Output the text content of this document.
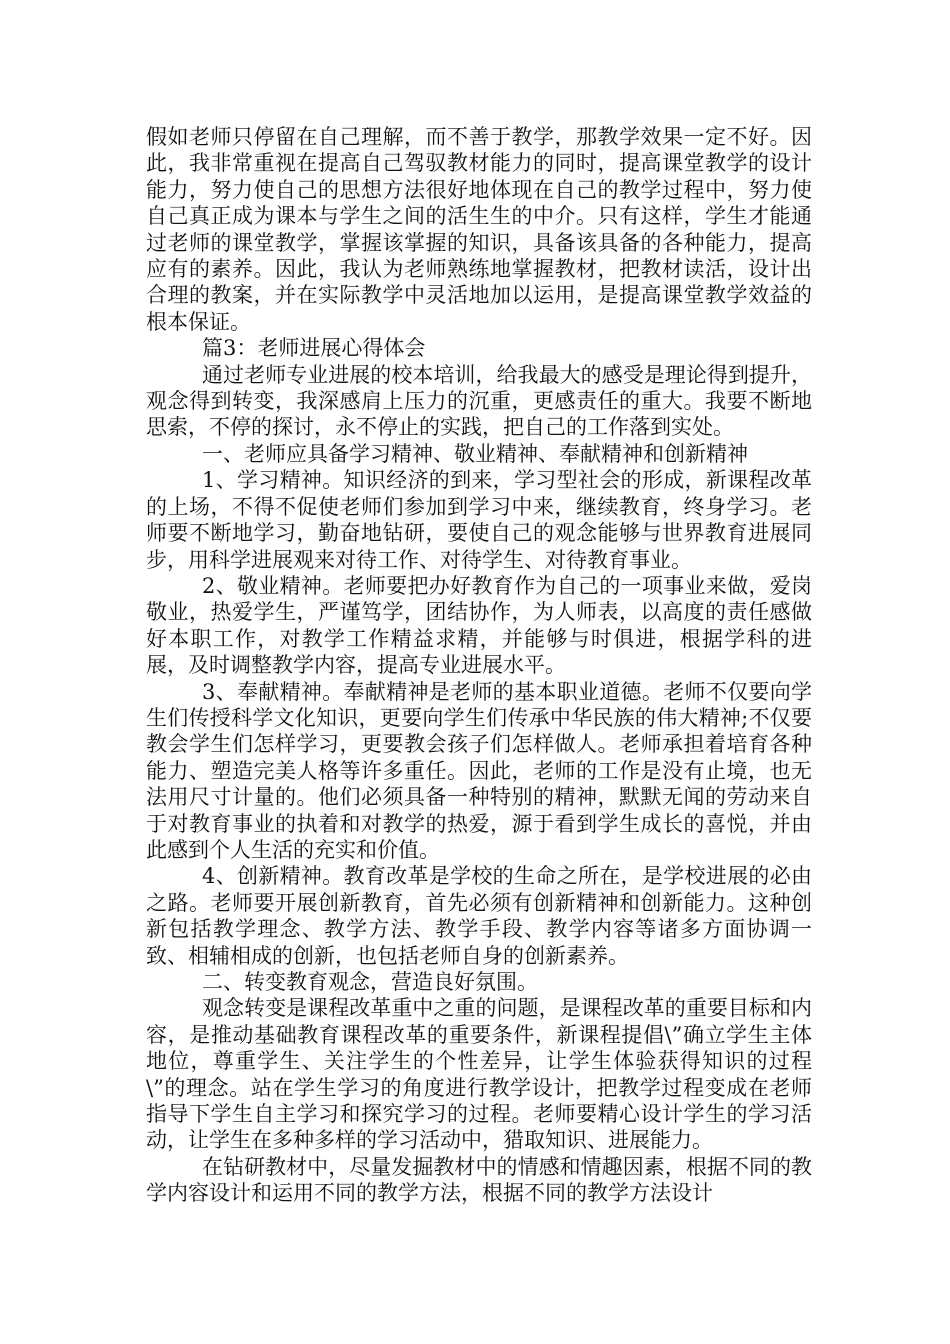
假如老师只停留在自己理解，而不善于教学，那教学效果一定不好。因此，我非常重视在提高自己驾驭教材能力的同时，提高课堂教学的设计能力，努力使自己的思想方法很好地体现在自己的教学过程中，努力使自己真正成为课本与学生之间的活生生的中介。只有这样，学生才能通过老师的课堂教学，掌握该掌握的知识，具备该具备的各种能力，提高应有的素养。因此，我认为老师熟练地掌握教材，把教材读活，设计出合理的教案，并在实际教学中灵活地加以运用，是提高课堂教学效益的根本保证。

篇3：老师进展心得体会

通过老师专业进展的校本培训，给我最大的感受是理论得到提升，观念得到转变，我深感肩上压力的沉重，更感责任的重大。我要不断地思索，不停的探讨，永不停止的实践，把自己的工作落到实处。

一、老师应具备学习精神、敬业精神、奉献精神和创新精神

1、学习精神。知识经济的到来，学习型社会的形成，新课程改革的上场，不得不促使老师们参加到学习中来，继续教育，终身学习。老师要不断地学习，勤奋地钻研，要使自己的观念能够与世界教育进展同步，用科学进展观来对待工作、对待学生、对待教育事业。

2、敬业精神。老师要把办好教育作为自己的一项事业来做，爱岗敬业，热爱学生，严谨笃学，团结协作，为人师表，以高度的责任感做好本职工作，对教学工作精益求精，并能够与时俱进，根据学科的进展，及时调整教学内容，提高专业进展水平。

3、奉献精神。奉献精神是老师的基本职业道德。老师不仅要向学生们传授科学文化知识，更要向学生们传承中华民族的伟大精神;不仅要教会学生们怎样学习，更要教会孩子们怎样做人。老师承担着培育各种能力、塑造完美人格等许多重任。因此，老师的工作是没有止境，也无法用尺寸计量的。他们必须具备一种特别的精神，默默无闻的劳动来自于对教育事业的执着和对教学的热爱，源于看到学生成长的喜悦，并由此感到个人生活的充实和价值。

4、创新精神。教育改革是学校的生命之所在，是学校进展的必由之路。老师要开展创新教育，首先必须有创新精神和创新能力。这种创新包括教学理念、教学方法、教学手段、教学内容等诸多方面协调一致、相辅相成的创新，也包括老师自身的创新素养。

二、转变教育观念，营造良好氛围。

观念转变是课程改革重中之重的问题，是课程改革的重要目标和内容，是推动基础教育课程改革的重要条件，新课程提倡\”确立学生主体地位，尊重学生、关注学生的个性差异，让学生体验获得知识的过程\”的理念。站在学生学习的角度进行教学设计，把教学过程变成在老师指导下学生自主学习和探究学习的过程。老师要精心设计学生的学习活动，让学生在多种多样的学习活动中，猎取知识、进展能力。

在钻研教材中，尽量发掘教材中的情感和情趣因素，根据不同的教学内容设计和运用不同的教学方法，根据不同的教学方法设计
